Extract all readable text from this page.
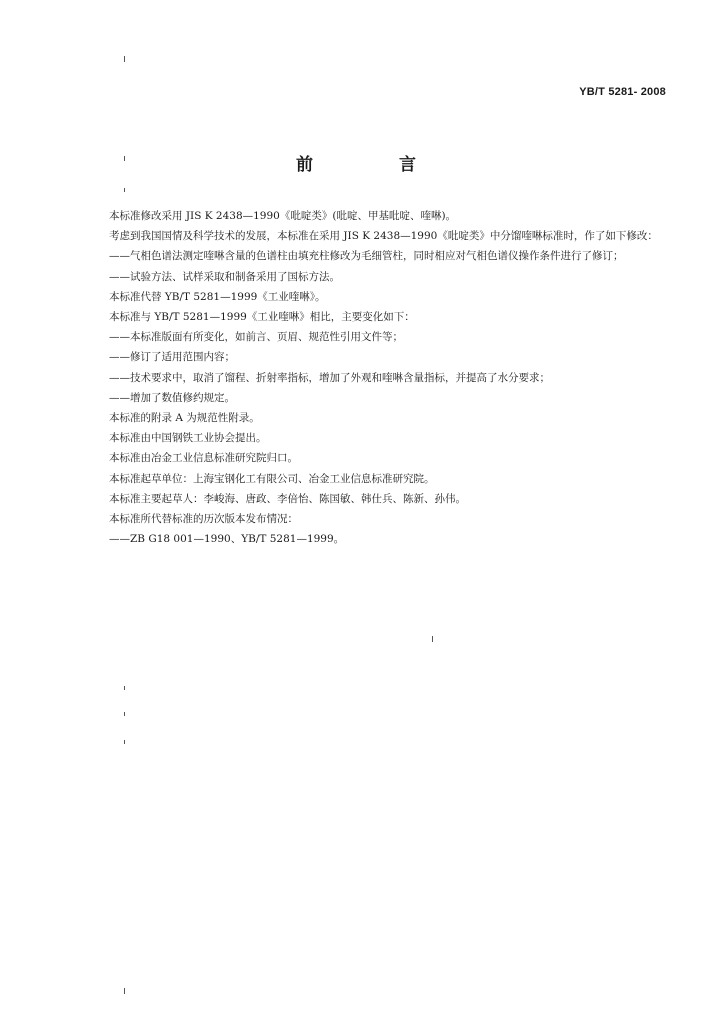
YB/T 5281- 2008
前 言

本标准修改采用 JIS K 2438—1990《吡啶类》(吡啶、甲基吡啶、喹啉)。

考虑到我国国情及科学技术的发展，本标准在采用 JIS K 2438—1990《吡啶类》中分馏喹啉标准时，作了如下修改：

——气相色谱法测定喹啉含量的色谱柱由填充柱修改为毛细管柱，同时相应对气相色谱仪操作条件进行了修订；

——试验方法、试样采取和制备采用了国标方法。

本标准代替 YB/T 5281—1999《工业喹啉》。

本标准与 YB/T 5281—1999《工业喹啉》相比，主要变化如下：

——本标准版面有所变化，如前言、页眉、规范性引用文件等；

——修订了适用范围内容；

——技术要求中，取消了馏程、折射率指标，增加了外观和喹啉含量指标，并提高了水分要求；

——增加了数值修约规定。

本标准的附录 A 为规范性附录。

本标准由中国钢铁工业协会提出。

本标准由冶金工业信息标准研究院归口。

本标准起草单位：上海宝钢化工有限公司、冶金工业信息标准研究院。

本标准主要起草人：李峻海、唐政、李倍怡、陈国敏、韩仕兵、陈新、孙伟。

本标准所代替标准的历次版本发布情况：

——ZB G18 001—1990、YB/T 5281—1999。
